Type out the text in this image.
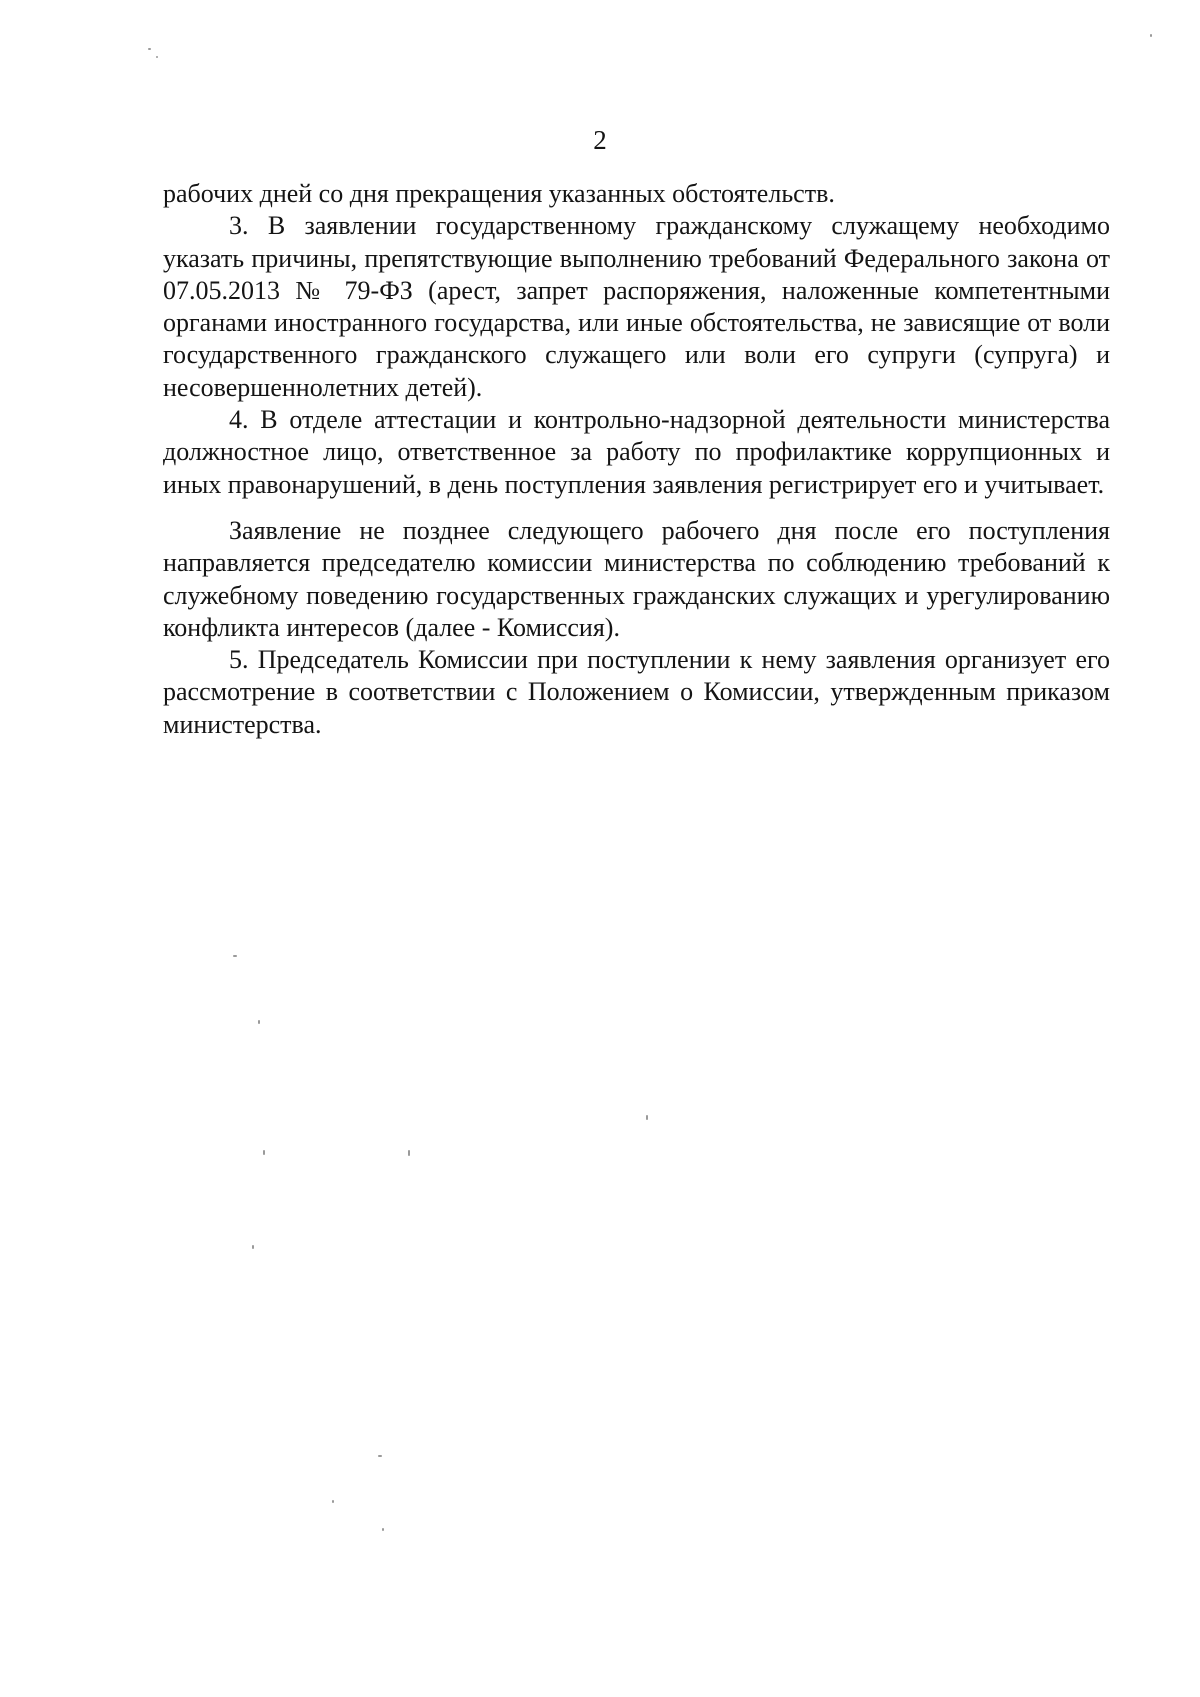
2

рабочих дней со дня прекращения указанных обстоятельств.

3. В заявлении государственному гражданскому служащему необходимо указать причины, препятствующие выполнению требований Федерального закона от 07.05.2013 № 79-ФЗ (арест, запрет распоряжения, наложенные компетентными органами иностранного государства, или иные обстоятельства, не зависящие от воли государственного гражданского служащего или воли его супруги (супруга) и несовершеннолетних детей).

4. В отделе аттестации и контрольно-надзорной деятельности министерства должностное лицо, ответственное за работу по профилактике коррупционных и иных правонарушений, в день поступления заявления регистрирует его и учитывает.

Заявление не позднее следующего рабочего дня после его поступления направляется председателю комиссии министерства по соблюдению требований к служебному поведению государственных гражданских служащих и урегулированию конфликта интересов (далее - Комиссия).

5. Председатель Комиссии при поступлении к нему заявления организует его рассмотрение в соответствии с Положением о Комиссии, утвержденным приказом министерства.
